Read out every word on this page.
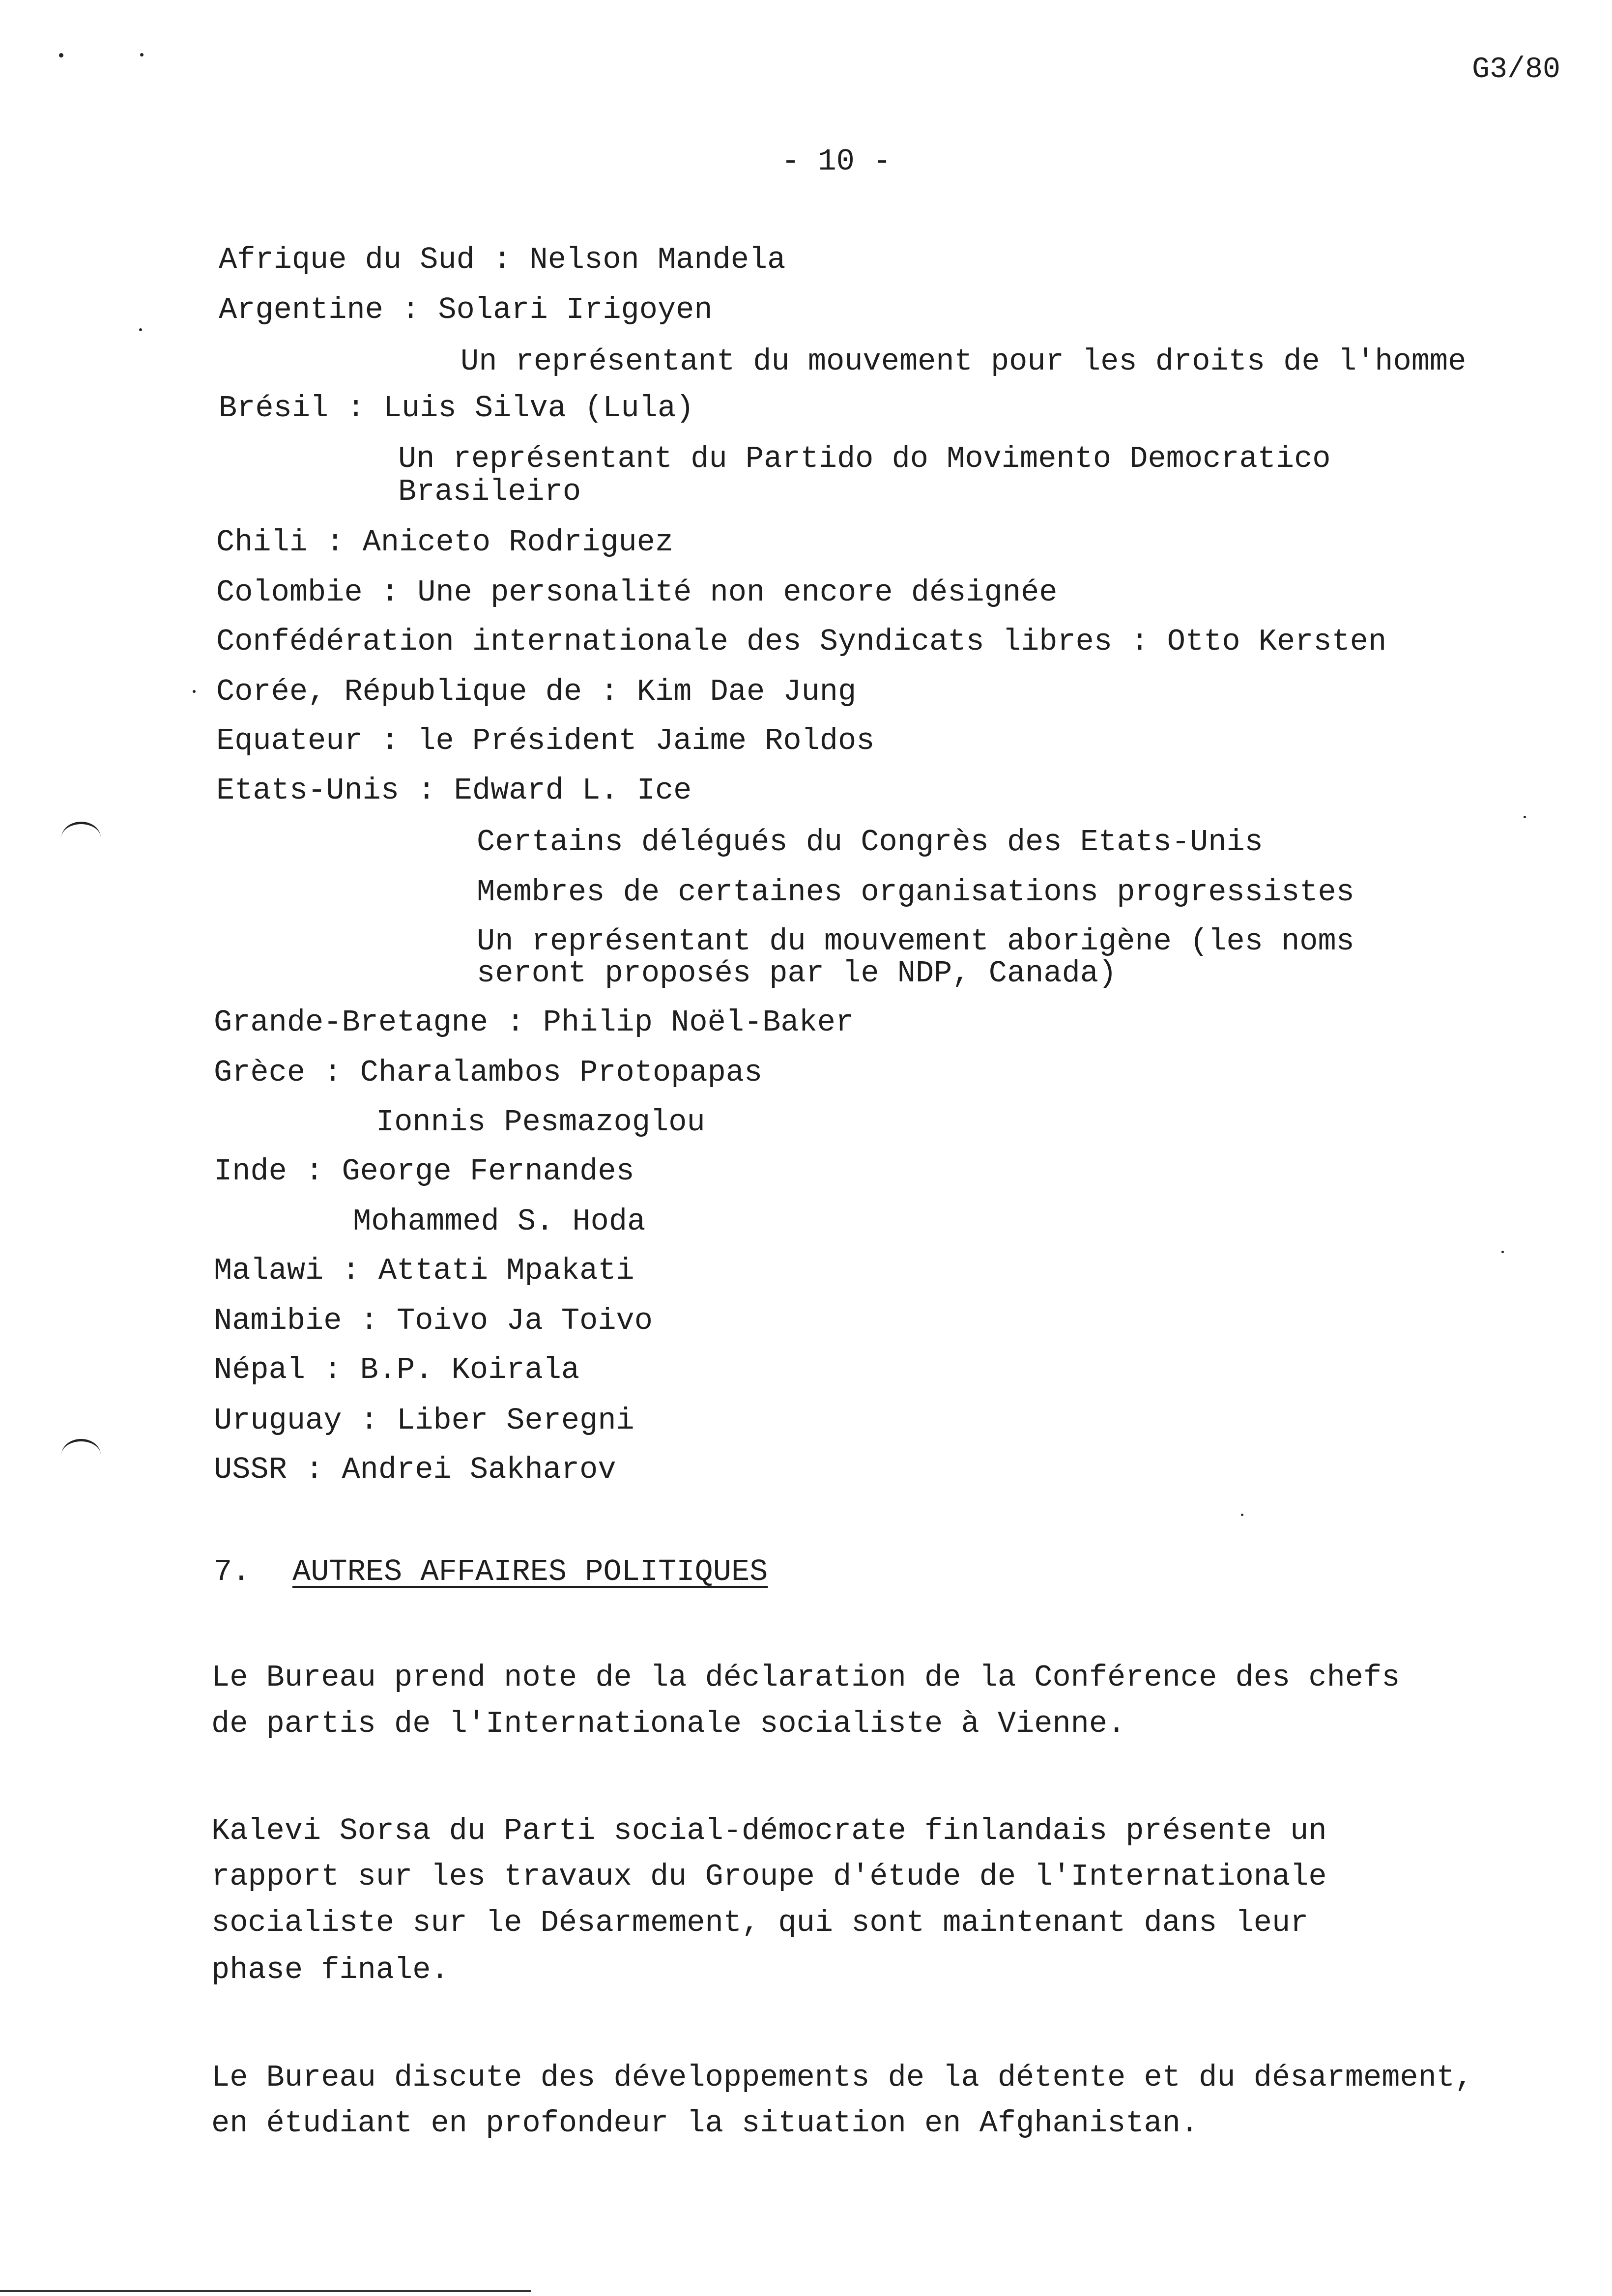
G3/80
- 10 -
Afrique du Sud : Nelson Mandela
Argentine : Solari Irigoyen
Un représentant du mouvement pour les droits de l'homme
Brésil : Luis Silva (Lula)
Un représentant du Partido do Movimento Democratico
Brasileiro
Chili : Aniceto Rodriguez
Colombie : Une personalité non encore désignée
Confédération internationale des Syndicats libres : Otto Kersten
Corée, République de : Kim Dae Jung
Equateur : le Président Jaime Roldos
Etats-Unis : Edward L. Ice
Certains délégués du Congrès des Etats-Unis
Membres de certaines organisations progressistes
Un représentant du mouvement aborigène (les noms
seront proposés par le NDP, Canada)
Grande-Bretagne : Philip Noël-Baker
Grèce : Charalambos Protopapas
Ionnis Pesmazoglou
Inde : George Fernandes
Mohammed S. Hoda
Malawi : Attati Mpakati
Namibie : Toivo Ja Toivo
Népal : B.P. Koirala
Uruguay : Liber Seregni
USSR : Andrei Sakharov
7. AUTRES AFFAIRES POLITIQUES
Le Bureau prend note de la déclaration de la Conférence des chefs
de partis de l'Internationale socialiste à Vienne.
Kalevi Sorsa du Parti social-démocrate finlandais présente un
rapport sur les travaux du Groupe d'étude de l'Internationale
socialiste sur le Désarmement, qui sont maintenant dans leur
phase finale.
Le Bureau discute des développements de la détente et du désarmement,
en étudiant en profondeur la situation en Afghanistan.
